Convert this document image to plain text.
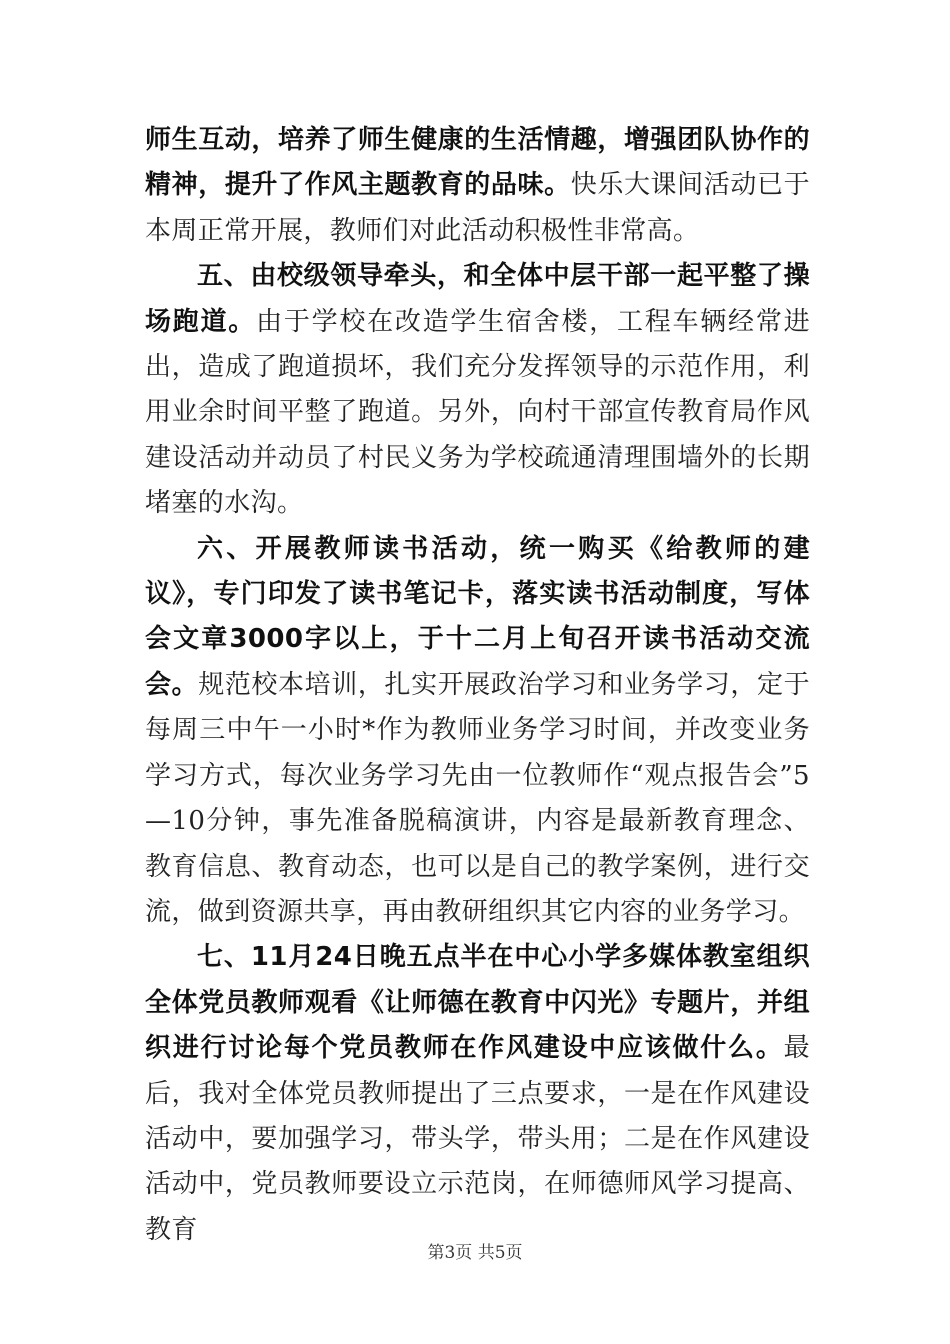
师生互动，培养了师生健康的生活情趣，增强团队协作的精神，提升了作风主题教育的品味。快乐大课间活动已于本周正常开展，教师们对此活动积极性非常高。

五、由校级领导牵头，和全体中层干部一起平整了操场跑道。由于学校在改造学生宿舍楼，工程车辆经常进出，造成了跑道损坏，我们充分发挥领导的示范作用，利用业余时间平整了跑道。另外，向村干部宣传教育局作风建设活动并动员了村民义务为学校疏通清理围墙外的长期堵塞的水沟。

六、开展教师读书活动，统一购买《给教师的建议》，专门印发了读书笔记卡，落实读书活动制度，写体会文章3000字以上，于十二月上旬召开读书活动交流会。规范校本培训，扎实开展政治学习和业务学习，定于每周三中午一小时*作为教师业务学习时间，并改变业务学习方式，每次业务学习先由一位教师作“观点报告会”5—10分钟，事先准备脱稿演讲，内容是最新教育理念、教育信息、教育动态，也可以是自己的教学案例，进行交流，做到资源共享，再由教研组织其它内容的业务学习。

七、11月24日晚五点半在中心小学多媒体教室组织全体党员教师观看《让师德在教育中闪光》专题片，并组织进行讨论每个党员教师在作风建设中应该做什么。最后，我对全体党员教师提出了三点要求，一是在作风建设活动中，要加强学习，带头学，带头用；二是在作风建设活动中，党员教师要设立示范岗，在师德师风学习提高、教育

第3页 共5页
